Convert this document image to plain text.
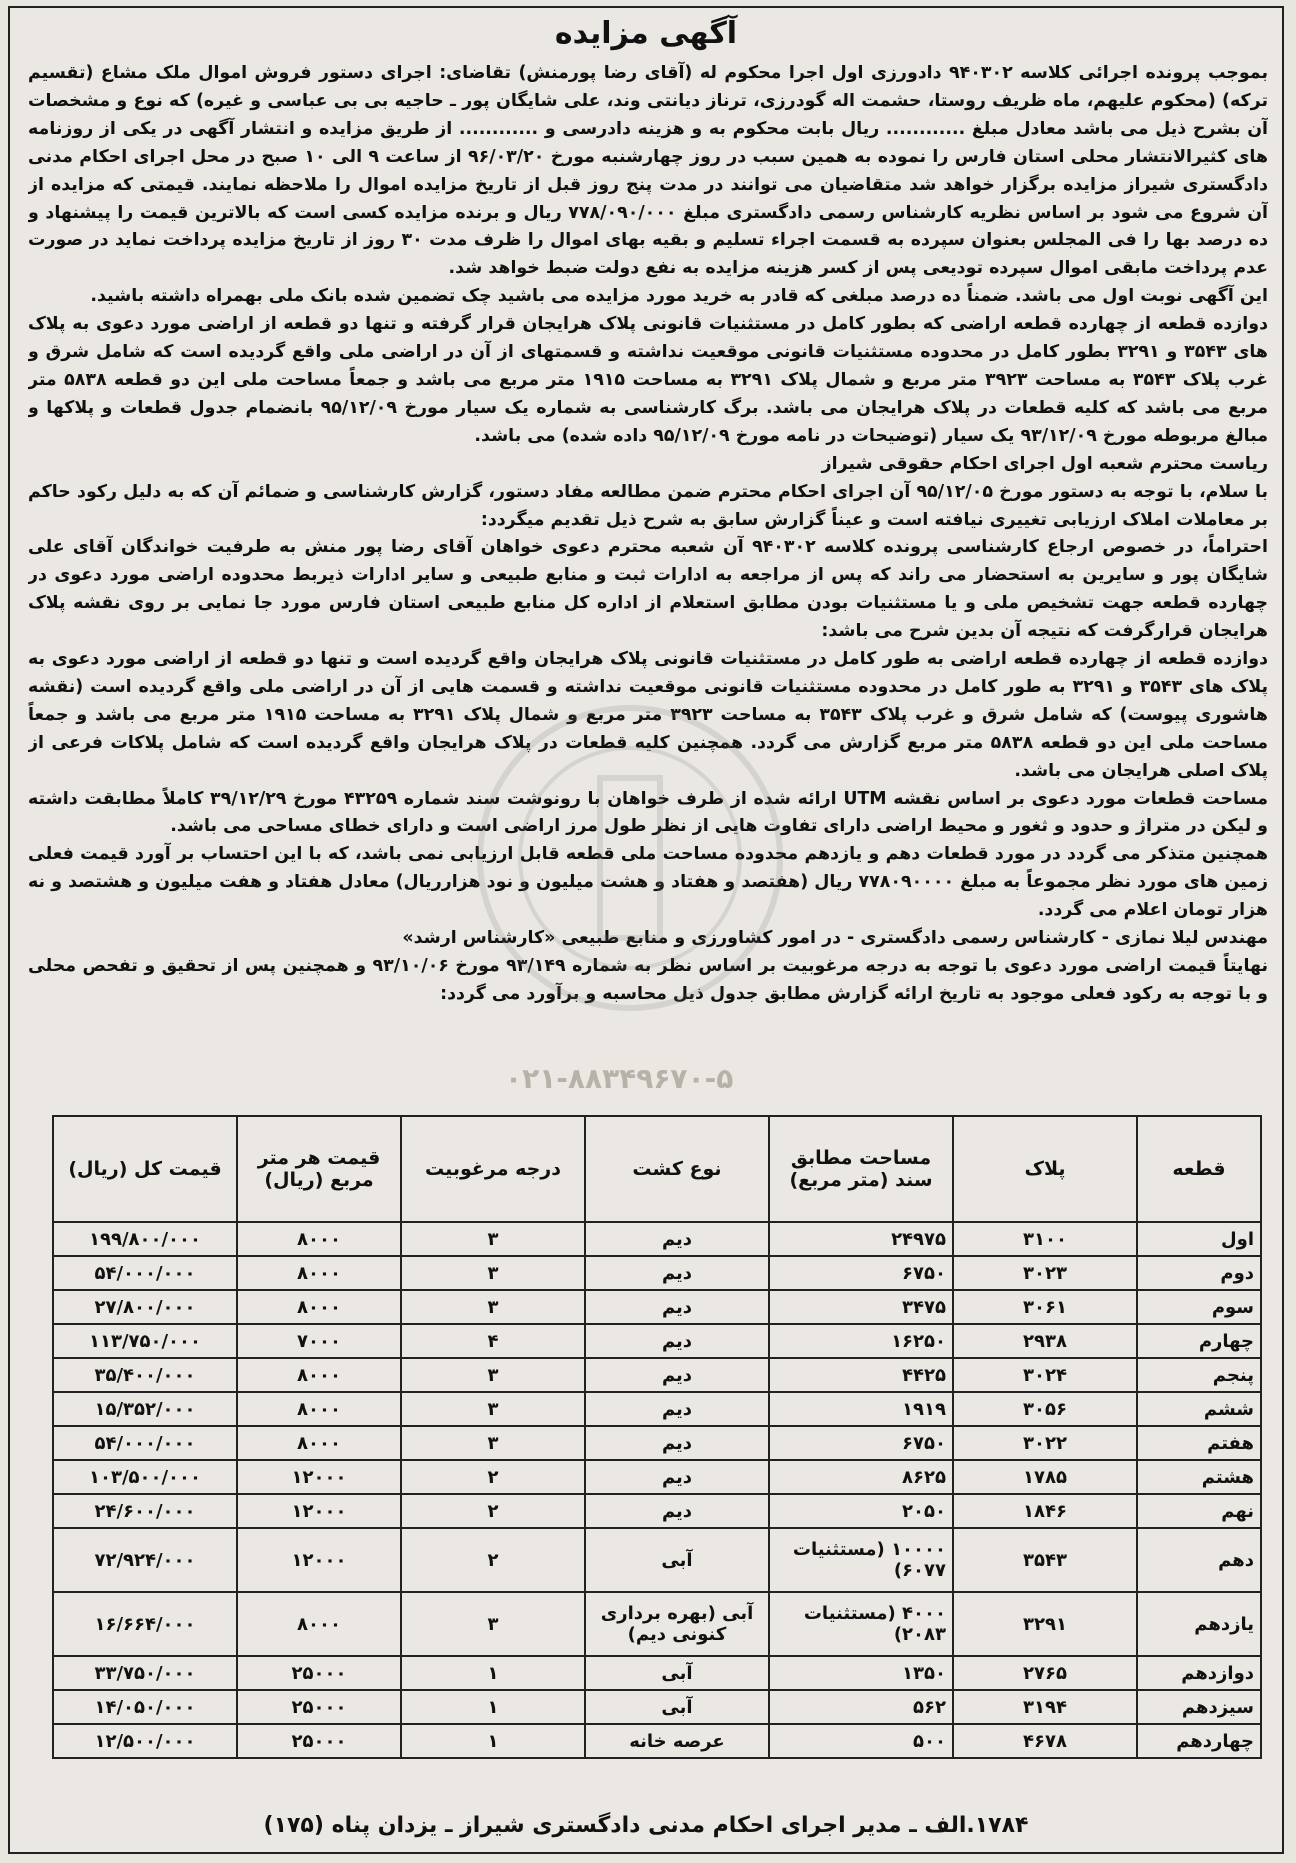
آگهی مزایده

بموجب پرونده اجرائی کلاسه ۹۴۰۳۰۲ دادورزی اول اجرا محکوم له (آقای رضا پورمنش) تقاضای: اجرای دستور فروش اموال ملک مشاع (تقسیم ترکه) (محکوم علیهم، ماه ظریف روستا، حشمت اله گودرزی، ترناز دیانتی وند، علی شایگان پور ـ حاجیه بی بی عباسی و غیره) که نوع و مشخصات آن بشرح ذیل می باشد معادل مبلغ ............ ریال بابت محکوم به و هزینه دادرسی و ............ از طریق مزایده و انتشار آگهی در یکی از روزنامه های کثیرالانتشار محلی استان فارس را نموده به همین سبب در روز چهارشنبه مورخ ۹۶/۰۳/۲۰ از ساعت ۹ الی ۱۰ صبح در محل اجرای احکام مدنی دادگستری شیراز مزایده برگزار خواهد شد متقاضیان می توانند در مدت پنج روز قبل از تاریخ مزایده اموال را ملاحظه نمایند. قیمتی که مزایده از آن شروع می شود بر اساس نظریه کارشناس رسمی دادگستری مبلغ ۷۷۸/۰۹۰/۰۰۰ ریال و برنده مزایده کسی است که بالاترین قیمت را پیشنهاد و ده درصد بها را فی المجلس بعنوان سپرده به قسمت اجراء تسلیم و بقیه بهای اموال را ظرف مدت ۳۰ روز از تاریخ مزایده پرداخت نماید در صورت عدم پرداخت مابقی اموال سپرده تودیعی پس از کسر هزینه مزایده به نفع دولت ضبط خواهد شد.

این آگهی نوبت اول می باشد. ضمناً ده درصد مبلغی که قادر به خرید مورد مزایده می باشید چک تضمین شده بانک ملی بهمراه داشته باشید.

دوازده قطعه از چهارده قطعه اراضی که بطور کامل در مستثنیات قانونی پلاک هرایجان قرار گرفته و تنها دو قطعه از اراضی مورد دعوی به پلاک های ۳۵۴۳ و ۳۲۹۱ بطور کامل در محدوده مستثنیات قانونی موقعیت نداشته و قسمتهای از آن در اراضی ملی واقع گردیده است که شامل شرق و غرب پلاک ۳۵۴۳ به مساحت ۳۹۲۳ متر مربع و شمال پلاک ۳۲۹۱ به مساحت ۱۹۱۵ متر مربع می باشد و جمعاً مساحت ملی این دو قطعه ۵۸۳۸ متر مربع می باشد که کلیه قطعات در پلاک هرایجان می باشد. برگ کارشناسی به شماره یک سیار مورخ ۹۵/۱۲/۰۹ بانضمام جدول قطعات و پلاکها و مبالغ مربوطه مورخ ۹۳/۱۲/۰۹ یک سیار (توضیحات در نامه مورخ ۹۵/۱۲/۰۹ داده شده) می باشد.

ریاست محترم شعبه اول اجرای احکام حقوقی شیراز

با سلام، با توجه به دستور مورخ ۹۵/۱۲/۰۵ آن اجرای احکام محترم ضمن مطالعه مفاد دستور، گزارش کارشناسی و ضمائم آن که به دلیل رکود حاکم بر معاملات املاک ارزیابی تغییری نیافته است و عیناً گزارش سابق به شرح ذیل تقدیم میگردد:

احتراماً، در خصوص ارجاع کارشناسی پرونده کلاسه ۹۴۰۳۰۲ آن شعبه محترم دعوی خواهان آقای رضا پور منش به طرفیت خواندگان آقای علی شایگان پور و سایرین به استحضار می راند که پس از مراجعه به ادارات ثبت و منابع طبیعی و سایر ادارات ذیربط محدوده اراضی مورد دعوی در چهارده قطعه جهت تشخیص ملی و یا مستثنیات بودن مطابق استعلام از اداره کل منابع طبیعی استان فارس مورد جا نمایی بر روی نقشه پلاک هرایجان قرارگرفت که نتیجه آن بدین شرح می باشد:

دوازده قطعه از چهارده قطعه اراضی به طور کامل در مستثنیات قانونی پلاک هرایجان واقع گردیده است و تنها دو قطعه از اراضی مورد دعوی به پلاک های ۳۵۴۳ و ۳۲۹۱ به طور کامل در محدوده مستثنیات قانونی موقعیت نداشته و قسمت هایی از آن در اراضی ملی واقع گردیده است (نقشه هاشوری پیوست) که شامل شرق و غرب پلاک ۳۵۴۳ به مساحت ۳۹۲۳ متر مربع و شمال پلاک ۳۲۹۱ به مساحت ۱۹۱۵ متر مربع می باشد و جمعاً مساحت ملی این دو قطعه ۵۸۳۸ متر مربع گزارش می گردد. همچنین کلیه قطعات در پلاک هرایجان واقع گردیده است که شامل پلاکات فرعی از پلاک اصلی هرایجان می باشد.

مساحت قطعات مورد دعوی بر اساس نقشه UTM ارائه شده از طرف خواهان با رونوشت سند شماره ۴۳۲۵۹ مورخ ۳۹/۱۲/۲۹ کاملاً مطابقت داشته و لیکن در متراژ و حدود و ثغور و محیط اراضی دارای تفاوت هایی از نظر طول مرز اراضی است و دارای خطای مساحی می باشد.

همچنین متذکر می گردد در مورد قطعات دهم و یازدهم محدوده مساحت ملی قطعه قابل ارزیابی نمی باشد، که با این احتساب بر آورد قیمت فعلی زمین های مورد نظر مجموعاً به مبلغ ۷۷۸۰۹۰۰۰۰ ریال (هفتصد و هفتاد و هشت میلیون و نود هزارریال) معادل هفتاد و هفت میلیون و هشتصد و نه هزار تومان اعلام می گردد.

مهندس لیلا نمازی - کارشناس رسمی دادگستری - در امور کشاورزی و منابع طبیعی «کارشناس ارشد»

نهایتاً قیمت اراضی مورد دعوی با توجه به درجه مرغوبیت بر اساس نظر به شماره ۹۳/۱۴۹ مورخ ۹۳/۱۰/۰۶ و همچنین پس از تحقیق و تفحص محلی و با توجه به رکود فعلی موجود به تاریخ ارائه گزارش مطابق جدول ذیل محاسبه و برآورد می گردد:

۰۲۱-۸۸۳۴۹۶۷۰-۵
قطعه	پلاک	مساحت مطابق سند (متر مربع)	نوع کشت	درجه مرغوبیت	قیمت هر متر مربع (ریال)	قیمت کل (ریال)
اول	۳۱۰۰	۲۴۹۷۵	دیم	۳	۸۰۰۰	۱۹۹/۸۰۰/۰۰۰
دوم	۳۰۲۳	۶۷۵۰	دیم	۳	۸۰۰۰	۵۴/۰۰۰/۰۰۰
سوم	۳۰۶۱	۳۴۷۵	دیم	۳	۸۰۰۰	۲۷/۸۰۰/۰۰۰
چهارم	۲۹۳۸	۱۶۲۵۰	دیم	۴	۷۰۰۰	۱۱۳/۷۵۰/۰۰۰
پنجم	۳۰۲۴	۴۴۲۵	دیم	۳	۸۰۰۰	۳۵/۴۰۰/۰۰۰
ششم	۳۰۵۶	۱۹۱۹	دیم	۳	۸۰۰۰	۱۵/۳۵۲/۰۰۰
هفتم	۳۰۲۲	۶۷۵۰	دیم	۳	۸۰۰۰	۵۴/۰۰۰/۰۰۰
هشتم	۱۷۸۵	۸۶۲۵	دیم	۲	۱۲۰۰۰	۱۰۳/۵۰۰/۰۰۰
نهم	۱۸۴۶	۲۰۵۰	دیم	۲	۱۲۰۰۰	۲۴/۶۰۰/۰۰۰
دهم	۳۵۴۳	۱۰۰۰۰ (مستثنیات ۶۰۷۷)	آبی	۲	۱۲۰۰۰	۷۲/۹۲۴/۰۰۰
یازدهم	۳۲۹۱	۴۰۰۰ (مستثنیات ۲۰۸۳)	آبی (بهره برداری کنونی دیم)	۳	۸۰۰۰	۱۶/۶۶۴/۰۰۰
دوازدهم	۲۷۶۵	۱۳۵۰	آبی	۱	۲۵۰۰۰	۳۳/۷۵۰/۰۰۰
سیزدهم	۳۱۹۴	۵۶۲	آبی	۱	۲۵۰۰۰	۱۴/۰۵۰/۰۰۰
چهاردهم	۴۶۷۸	۵۰۰	عرصه خانه	۱	۲۵۰۰۰	۱۲/۵۰۰/۰۰۰
۱۷۸۴.الف ـ مدیر اجرای احکام مدنی دادگستری شیراز ـ یزدان پناه (۱۷۵)
